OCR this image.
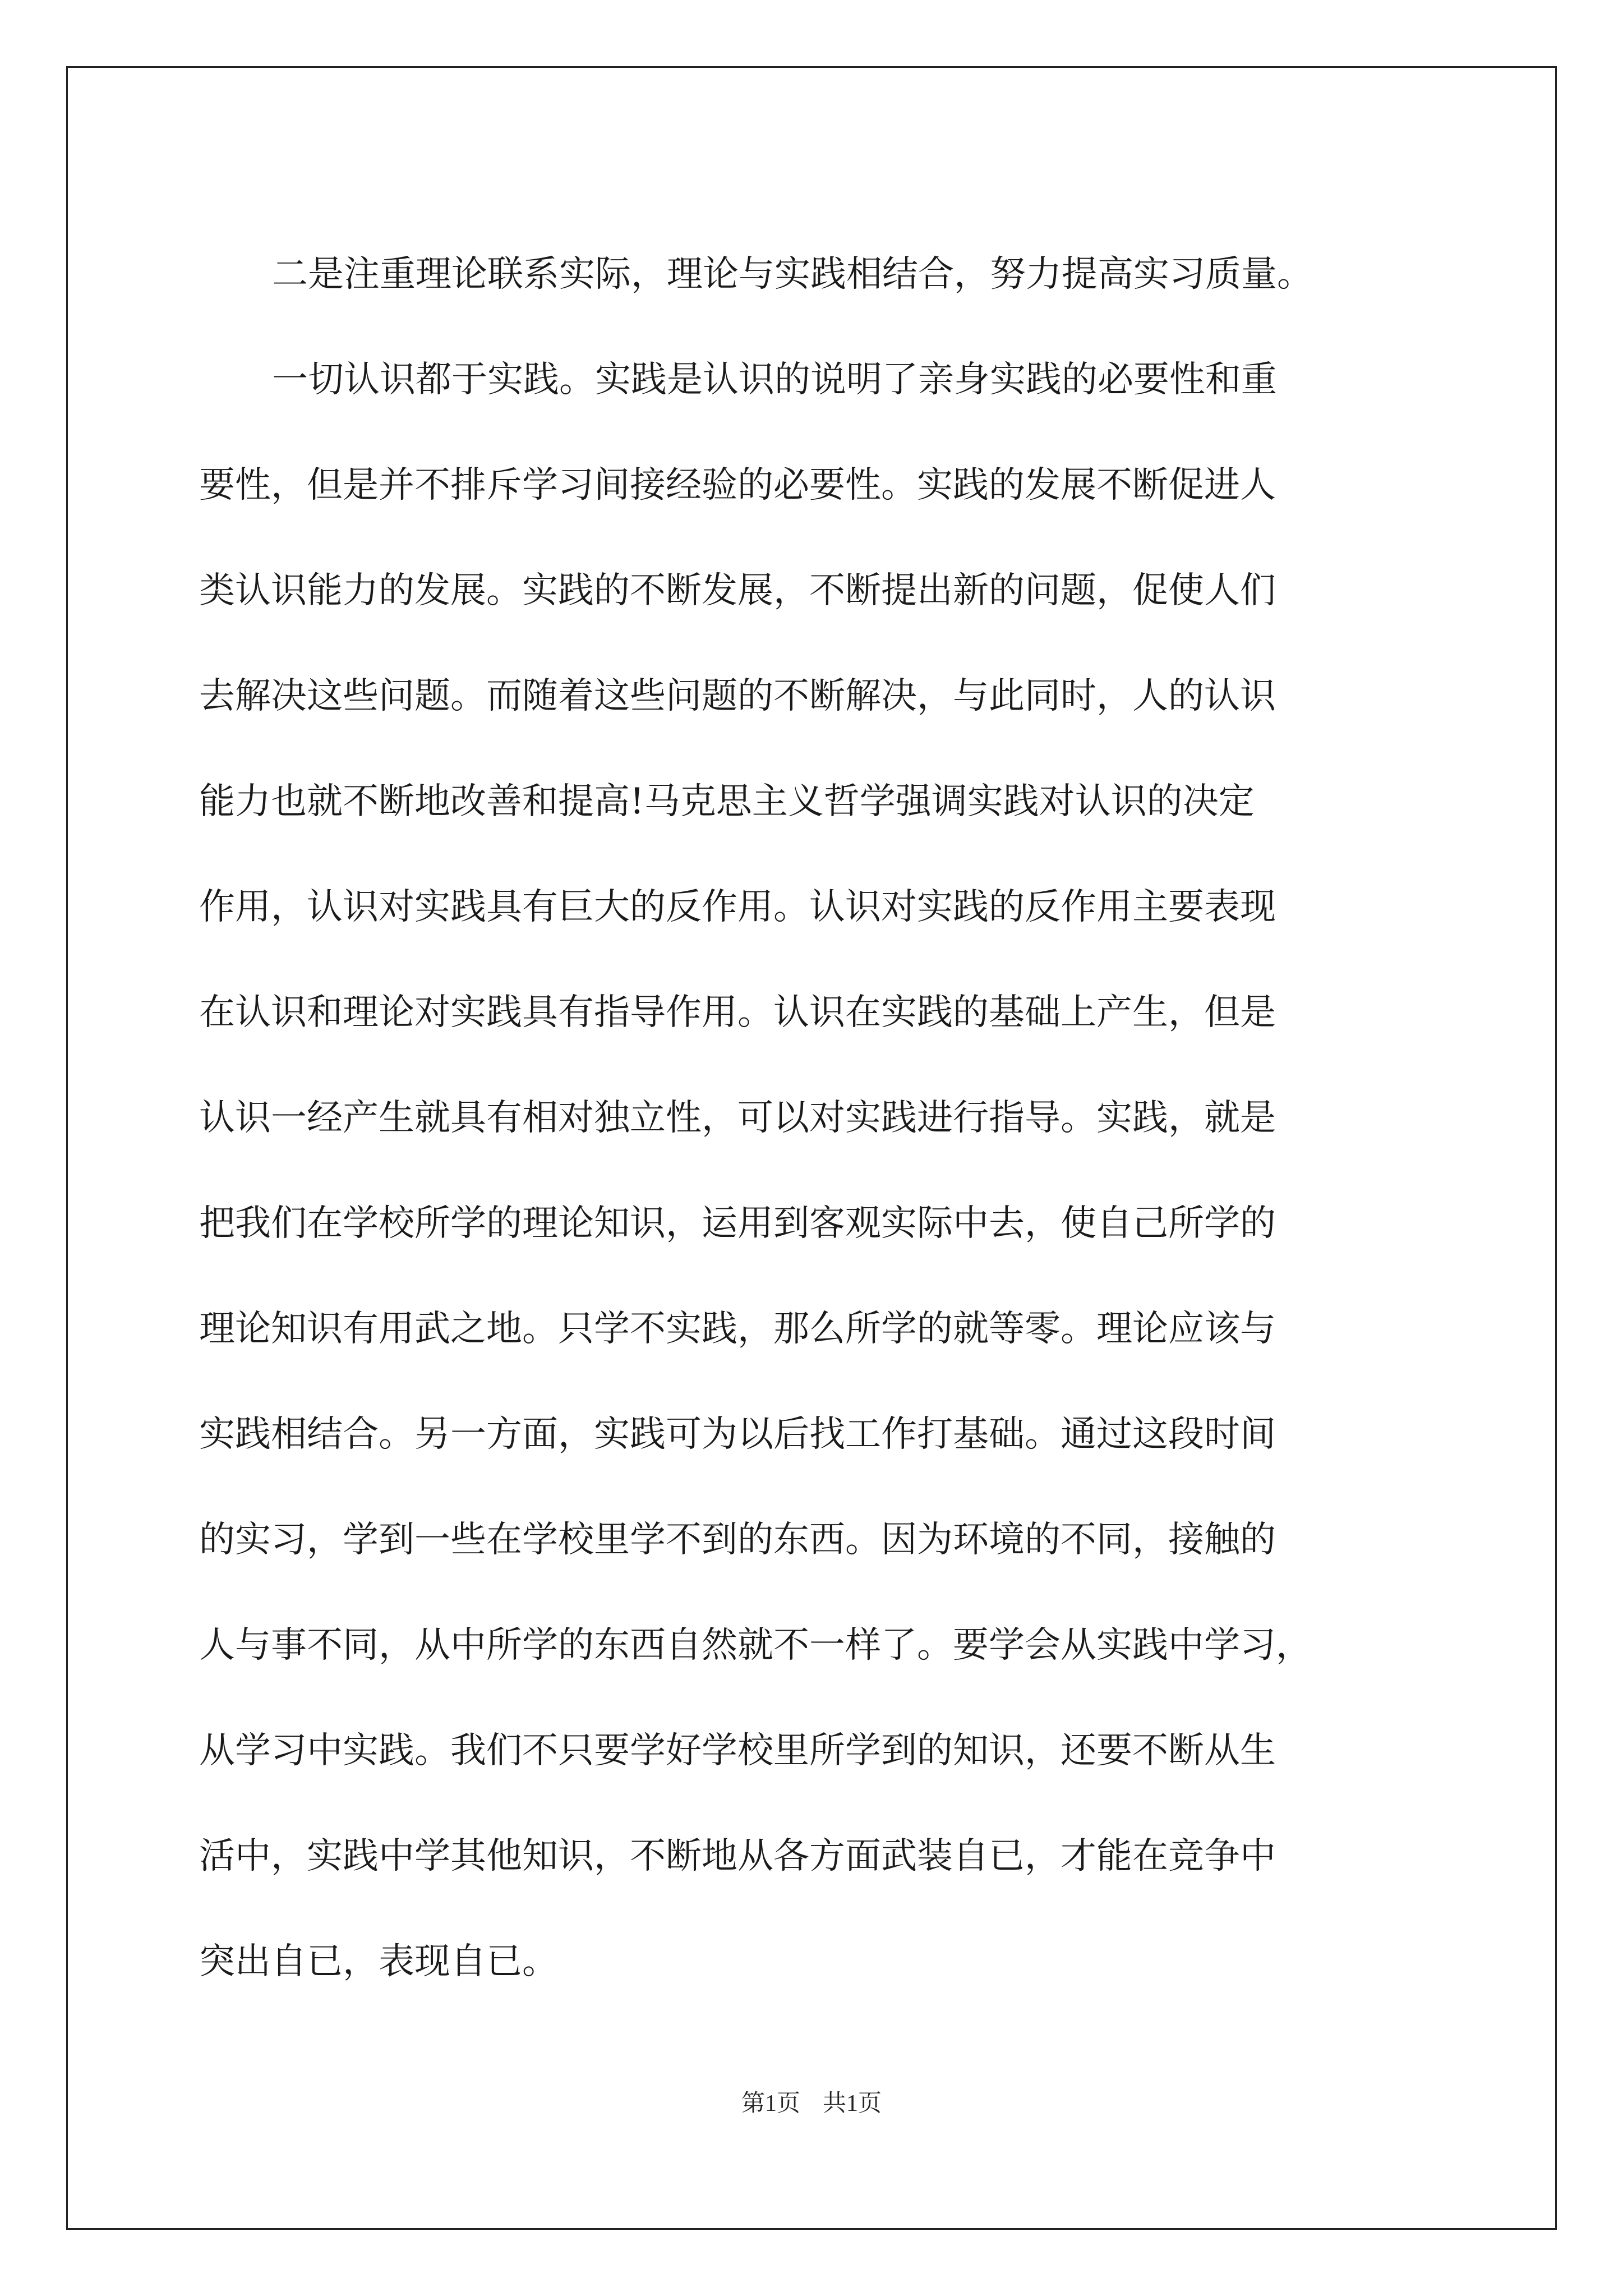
二是注重理论联系实际，理论与实践相结合，努力提高实习质量。
一切认识都于实践。实践是认识的说明了亲身实践的必要性和重
要性，但是并不排斥学习间接经验的必要性。实践的发展不断促进人
类认识能力的发展。实践的不断发展，不断提出新的问题，促使人们
去解决这些问题。而随着这些问题的不断解决，与此同时，人的认识
能力也就不断地改善和提高!马克思主义哲学强调实践对认识的决定
作用，认识对实践具有巨大的反作用。认识对实践的反作用主要表现
在认识和理论对实践具有指导作用。认识在实践的基础上产生，但是
认识一经产生就具有相对独立性，可以对实践进行指导。实践，就是
把我们在学校所学的理论知识，运用到客观实际中去，使自己所学的
理论知识有用武之地。只学不实践，那么所学的就等零。理论应该与
实践相结合。另一方面，实践可为以后找工作打基础。通过这段时间
的实习，学到一些在学校里学不到的东西。因为环境的不同，接触的
人与事不同，从中所学的东西自然就不一样了。要学会从实践中学习，
从学习中实践。我们不只要学好学校里所学到的知识，还要不断从生
活中，实践中学其他知识，不断地从各方面武装自已，才能在竞争中
突出自已，表现自已。
第1页 共1页
